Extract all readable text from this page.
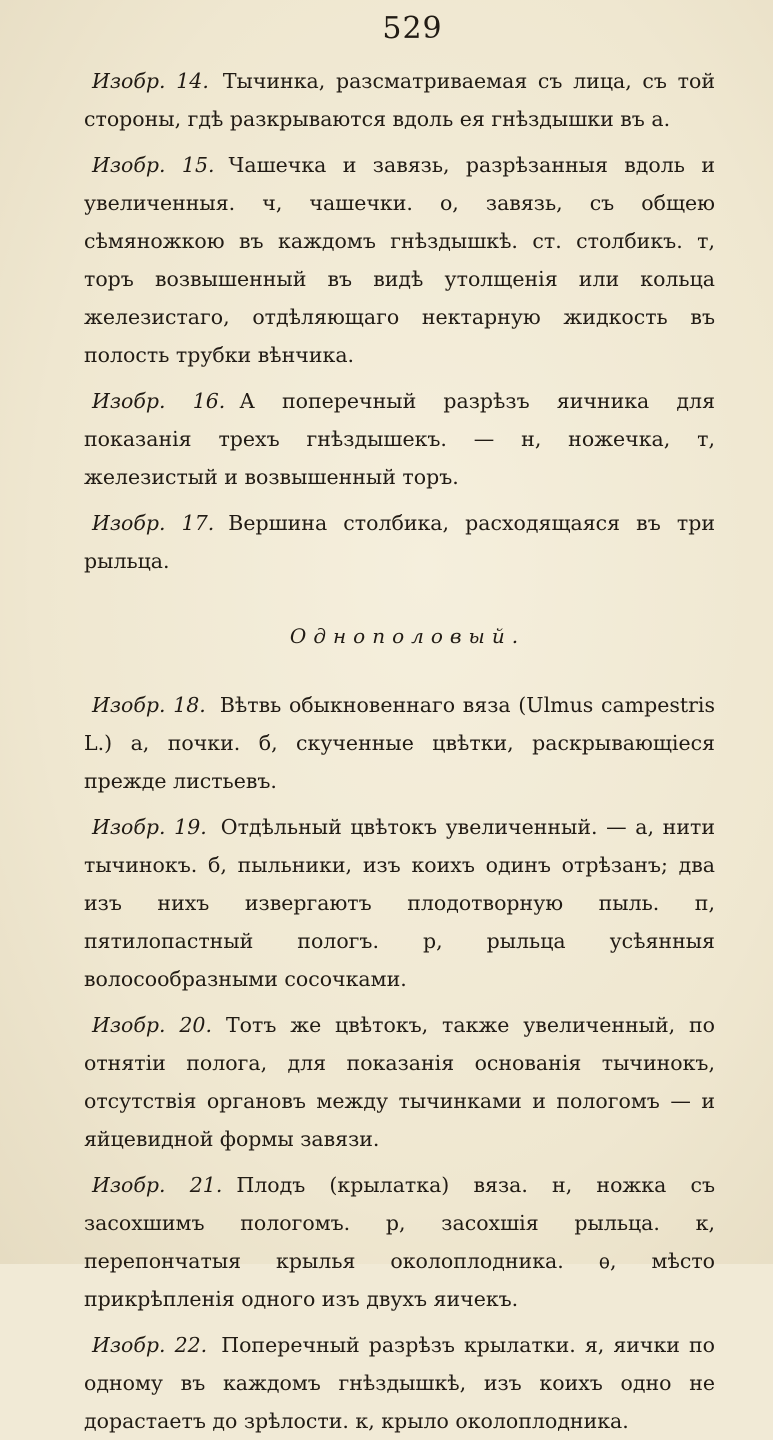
529

Изобр. 14. Тычинка, разсматриваемая съ лица, съ той стороны, гдѣ разкрываются вдоль ея гнѣздышки въ а.

Изобр. 15. Чашечка и завязь, разрѣзанныя вдоль и увеличенныя. ч, чашечки. о, завязь, съ общею сѣмяножкою въ каждомъ гнѣздышкѣ. ст. столбикъ. т, торъ возвышенный въ видѣ утолщенія или кольца железистаго, отдѣляющаго нектарную жидкость въ полость трубки вѣнчика.

Изобр. 16. А поперечный разрѣзъ яичника для показанія трехъ гнѣздышекъ. — н, ножечка, т, железистый и возвышенный торъ.

Изобр. 17. Вершина столбика, расходящаяся въ три рыльца.

Однополовый.

Изобр. 18. Вѣтвь обыкновеннаго вяза (Ulmus campestris L.) а, почки. б, скученные цвѣтки, раскрывающіеся прежде листьевъ.

Изобр. 19. Отдѣльный цвѣтокъ увеличенный. — а, нити тычинокъ. б, пыльники, изъ коихъ одинъ отрѣзанъ; два изъ нихъ извергаютъ плодотворную пыль. п, пятилопастный пологъ. р, рыльца усѣянныя волосообразными сосочками.

Изобр. 20. Тотъ же цвѣтокъ, также увеличенный, по отнятіи полога, для показанія основанія тычинокъ, отсутствія органовъ между тычинками и пологомъ — и яйцевидной формы завязи.

Изобр. 21. Плодъ (крылатка) вяза. н, ножка съ засохшимъ пологомъ. р, засохшія рыльца. к, перепончатыя крылья околоплодника. ѳ, мѣсто прикрѣпленія одного изъ двухъ яичекъ.

Изобр. 22. Поперечный разрѣзъ крылатки. я, яички по одному въ каждомъ гнѣздышкѣ, изъ коихъ одно не дорастаетъ до зрѣлости. к, крыло околоплодника.
